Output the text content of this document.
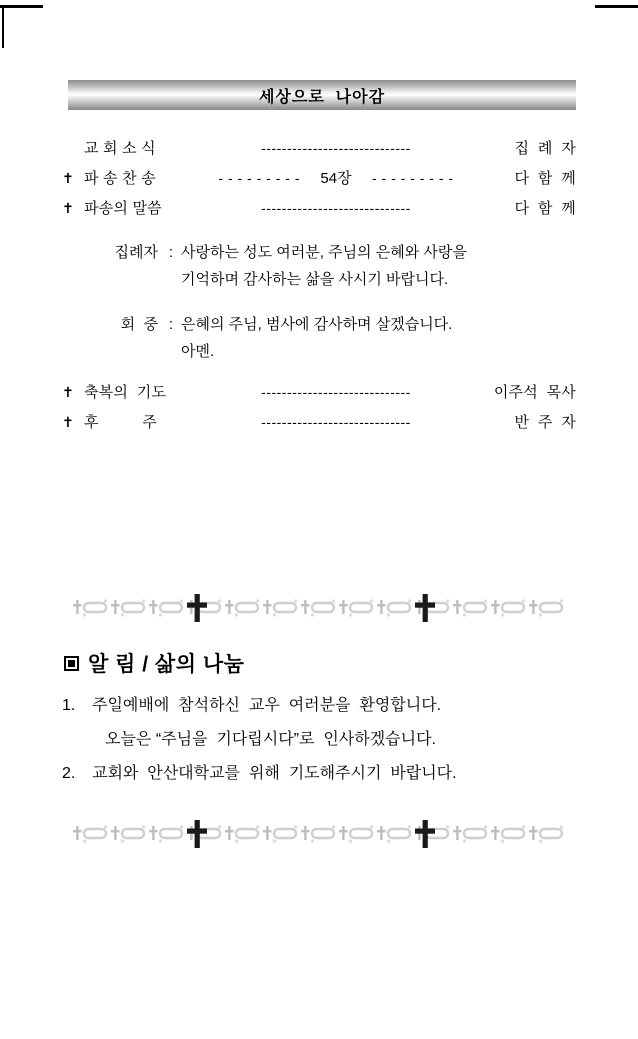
세상으로  나아감
교 회 소 식	-----------------------------	집  례  자
✝ 파 송 찬 송	- - - - - - - - -	54장	- - - - - - - - -	다  함  께
✝ 파송의 말씀	-----------------------------	다  함  께
집례자 : 사랑하는 성도 여러분, 주님의 은혜와 사랑을
기억하며 감사하는 삶을 사시기 바랍니다.
회  중 : 은혜의 주님, 범사에 감사하며 살겠습니다.
아멘.
✝ 축복의  기도	-----------------------------	이주석  목사
✝ 후          주	-----------------------------	반  주  자
알 림 / 삶의 나눔
1.	주일예배에  참석하신  교우  여러분을  환영합니다.
오늘은 “주님을  기다립시다”로  인사하겠습니다.
2.	교회와  안산대학교를  위해  기도해주시기  바랍니다.
